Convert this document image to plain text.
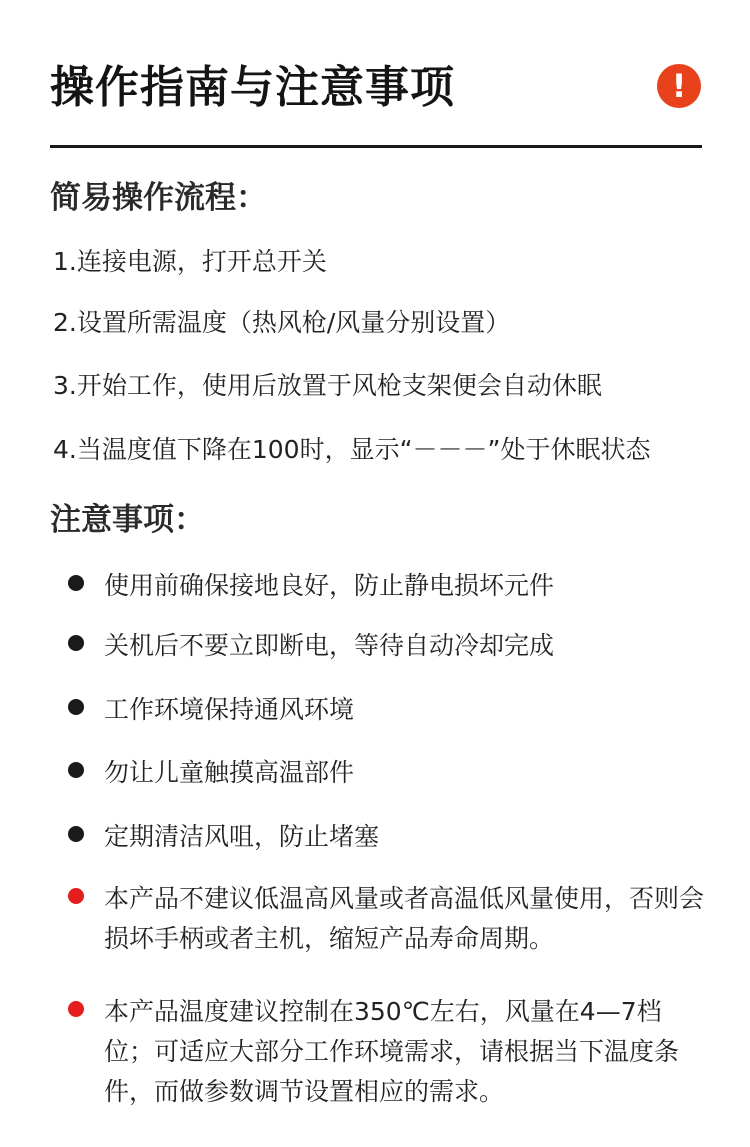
操作指南与注意事项	!
简易操作流程：
1.连接电源，打开总开关
2.设置所需温度（热风枪/风量分别设置）
3.开始工作，使用后放置于风枪支架便会自动休眠
4.当温度值下降在100时，显示“－－－”处于休眠状态
注意事项：
使用前确保接地良好，防止静电损坏元件
关机后不要立即断电，等待自动冷却完成
工作环境保持通风环境
勿让儿童触摸高温部件
定期清洁风咀，防止堵塞
本产品不建议低温高风量或者高温低风量使用，否则会损坏手柄或者主机，缩短产品寿命周期。
本产品温度建议控制在350℃左右，风量在4—7档位；可适应大部分工作环境需求，请根据当下温度条件，而做参数调节设置相应的需求。
